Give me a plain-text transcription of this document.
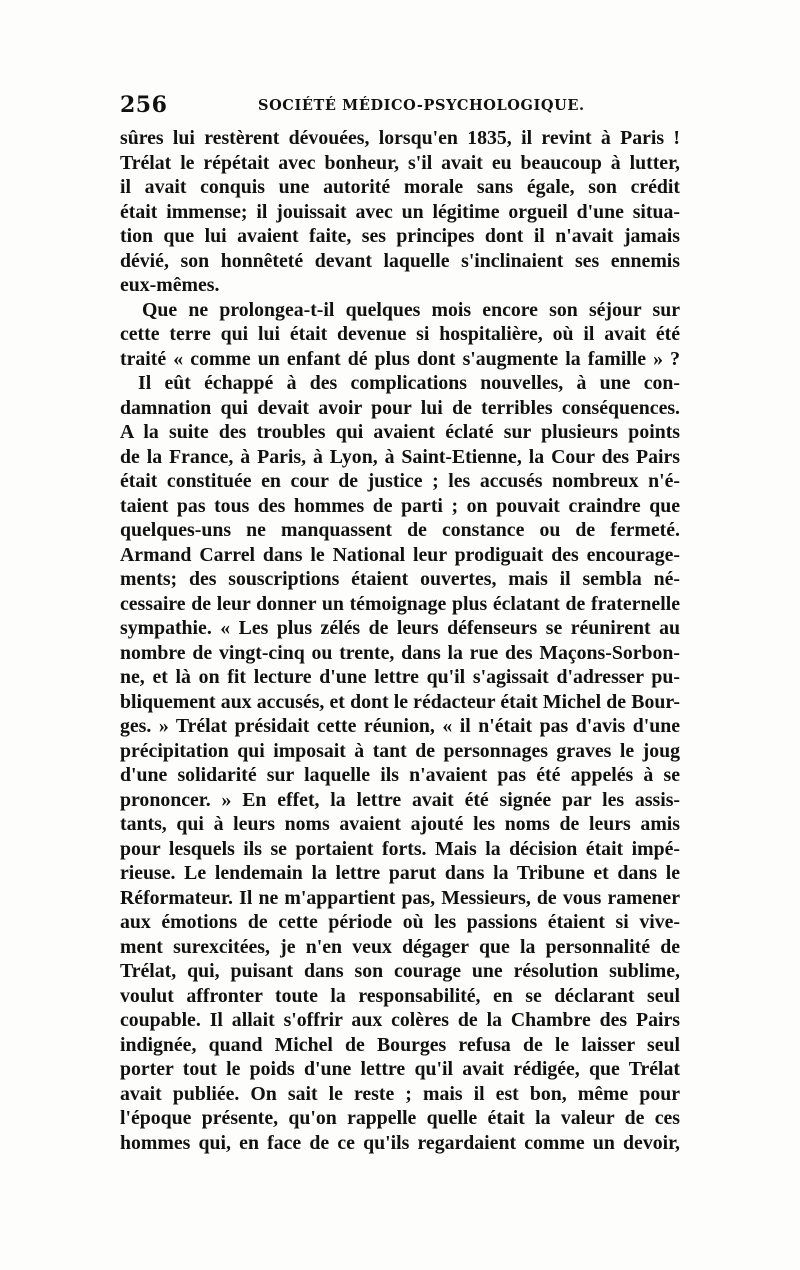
256	SOCIÉTÉ MÉDICO-PSYCHOLOGIQUE.
sûres lui restèrent dévouées, lorsqu'en 1835, il revint à Paris !
Trélat le répétait avec bonheur, s'il avait eu beaucoup à lutter,
il avait conquis une autorité morale sans égale, son crédit
était immense; il jouissait avec un légitime orgueil d'une situa-
tion que lui avaient faite, ses principes dont il n'avait jamais
dévié, son honnêteté devant laquelle s'inclinaient ses ennemis
eux-mêmes.
Que ne prolongea-t-il quelques mois encore son séjour sur
cette terre qui lui était devenue si hospitalière, où il avait été
traité « comme un enfant dé plus dont s'augmente la famille » ?
Il eût échappé à des complications nouvelles, à une con-
damnation qui devait avoir pour lui de terribles conséquences.
A la suite des troubles qui avaient éclaté sur plusieurs points
de la France, à Paris, à Lyon, à Saint-Etienne, la Cour des Pairs
était constituée en cour de justice ; les accusés nombreux n'é-
taient pas tous des hommes de parti ; on pouvait craindre que
quelques-uns ne manquassent de constance ou de fermeté.
Armand Carrel dans le National leur prodiguait des encourage-
ments; des souscriptions étaient ouvertes, mais il sembla né-
cessaire de leur donner un témoignage plus éclatant de fraternelle
sympathie. « Les plus zélés de leurs défenseurs se réunirent au
nombre de vingt-cinq ou trente, dans la rue des Maçons-Sorbon-
ne, et là on fit lecture d'une lettre qu'il s'agissait d'adresser pu-
bliquement aux accusés, et dont le rédacteur était Michel de Bour-
ges. » Trélat présidait cette réunion, « il n'était pas d'avis d'une
précipitation qui imposait à tant de personnages graves le joug
d'une solidarité sur laquelle ils n'avaient pas été appelés à se
prononcer. » En effet, la lettre avait été signée par les assis-
tants, qui à leurs noms avaient ajouté les noms de leurs amis
pour lesquels ils se portaient forts. Mais la décision était impé-
rieuse. Le lendemain la lettre parut dans la Tribune et dans le
Réformateur. Il ne m'appartient pas, Messieurs, de vous ramener
aux émotions de cette période où les passions étaient si vive-
ment surexcitées, je n'en veux dégager que la personnalité de
Trélat, qui, puisant dans son courage une résolution sublime,
voulut affronter toute la responsabilité, en se déclarant seul
coupable. Il allait s'offrir aux colères de la Chambre des Pairs
indignée, quand Michel de Bourges refusa de le laisser seul
porter tout le poids d'une lettre qu'il avait rédigée, que Trélat
avait publiée. On sait le reste ; mais il est bon, même pour
l'époque présente, qu'on rappelle quelle était la valeur de ces
hommes qui, en face de ce qu'ils regardaient comme un devoir,
